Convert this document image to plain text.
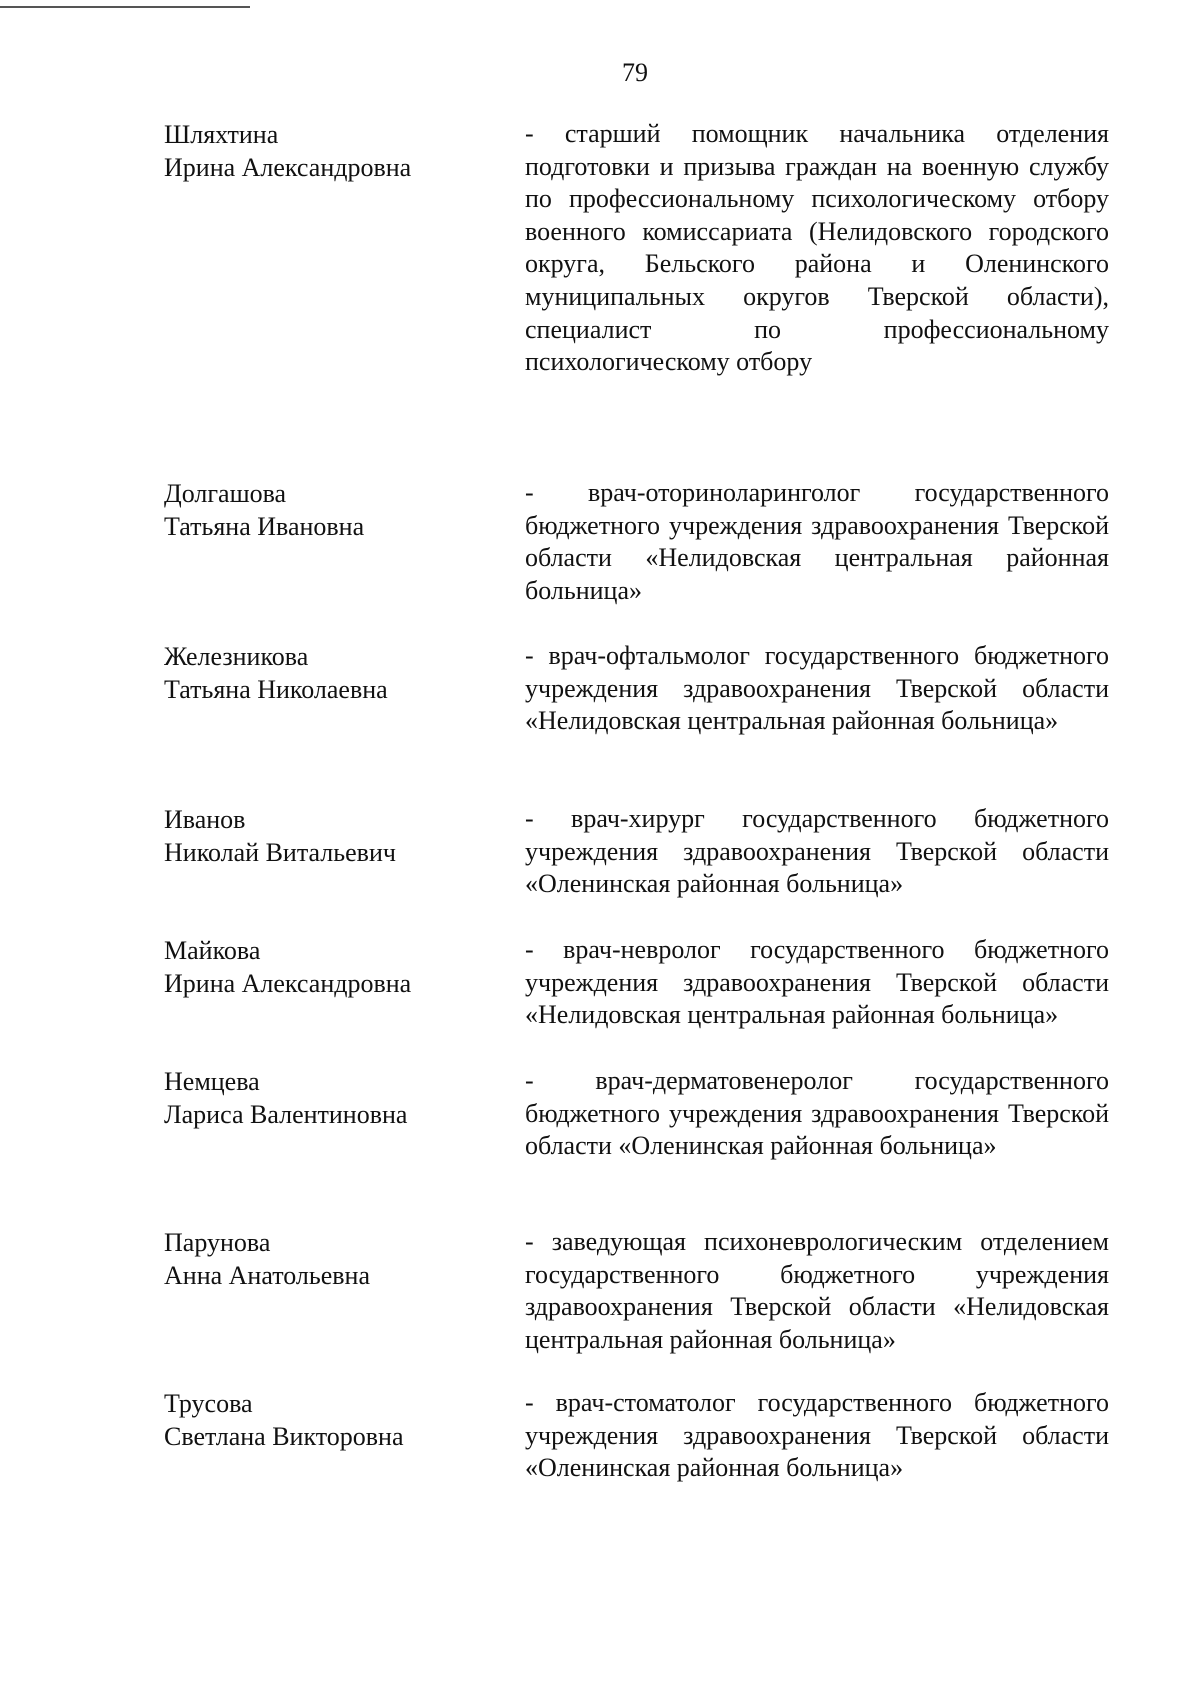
79
Шляхтина
Ирина Александровна
- старший помощник начальника отделения подготовки и призыва граждан на военную службу по профессиональному психологическому отбору военного комиссариата (Нелидовского городского округа, Бельского района и Оленинского муниципальных округов Тверской области), специалист по профессиональному психологическому отбору
Долгашова
Татьяна Ивановна
- врач-оториноларинголог государственного бюджетного учреждения здравоохранения Тверской области «Нелидовская центральная районная больница»
Железникова
Татьяна Николаевна
- врач-офтальмолог государственного бюджетного учреждения здравоохранения Тверской области «Нелидовская центральная районная больница»
Иванов
Николай Витальевич
- врач-хирург государственного бюджетного учреждения здравоохранения Тверской области «Оленинская районная больница»
Майкова
Ирина Александровна
- врач-невролог государственного бюджетного учреждения здравоохранения Тверской области «Нелидовская центральная районная больница»
Немцева
Лариса Валентиновна
- врач-дерматовенеролог государственного бюджетного учреждения здравоохранения Тверской области «Оленинская районная больница»
Парунова
Анна Анатольевна
- заведующая психоневрологическим отделением государственного бюджетного учреждения здравоохранения Тверской области «Нелидовская центральная районная больница»
Трусова
Светлана Викторовна
- врач-стоматолог государственного бюджетного учреждения здравоохранения Тверской области «Оленинская районная больница»
